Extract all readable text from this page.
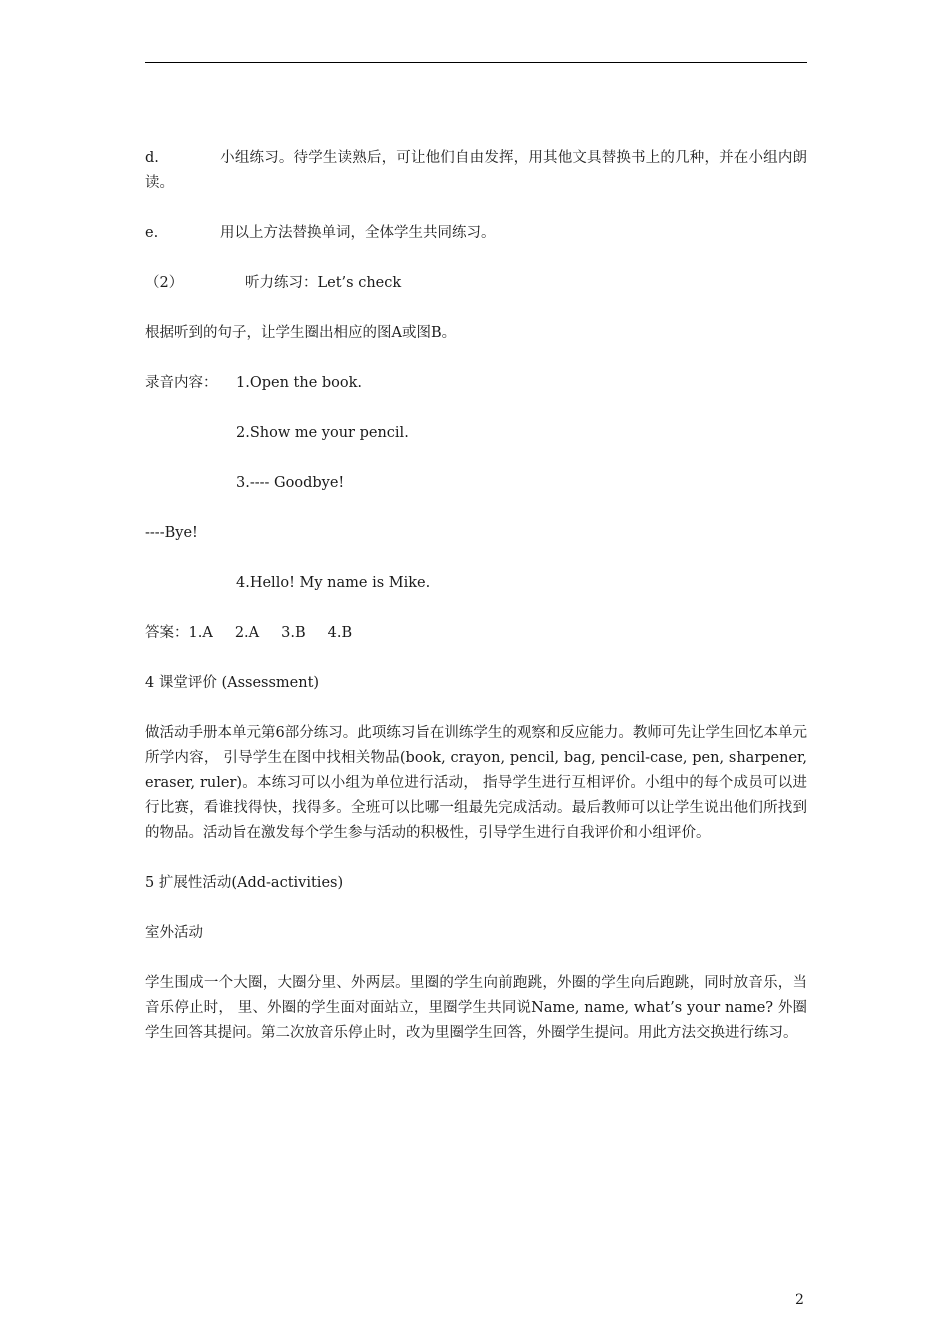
d.	小组练习。待学生读熟后，可让他们自由发挥，用其他文具替换书上的几种，并在小组内朗读。

e.	用以上方法替换单词，全体学生共同练习。

（2）	听力练习：Let’s check

根据听到的句子，让学生圈出相应的图A或图B。

录音内容： 1.Open the book.

2.Show me your pencil.

3.---- Goodbye!

----Bye!

4.Hello! My name is Mike.

答案：1.A 2.A 3.B 4.B

4 课堂评价 (Assessment)

做活动手册本单元第6部分练习。此项练习旨在训练学生的观察和反应能力。教师可先让学生回忆本单元所学内容， 引导学生在图中找相关物品(book, crayon, pencil, bag, pencil-case, pen, sharpener, eraser, ruler)。本练习可以小组为单位进行活动， 指导学生进行互相评价。小组中的每个成员可以进行比赛，看谁找得快，找得多。全班可以比哪一组最先完成活动。最后教师可以让学生说出他们所找到的物品。活动旨在激发每个学生参与活动的积极性，引导学生进行自我评价和小组评价。

5 扩展性活动(Add-activities)

室外活动

学生围成一个大圈，大圈分里、外两层。里圈的学生向前跑跳，外圈的学生向后跑跳，同时放音乐，当音乐停止时， 里、外圈的学生面对面站立，里圈学生共同说Name, name, what’s your name? 外圈学生回答其提问。第二次放音乐停止时，改为里圈学生回答，外圈学生提问。用此方法交换进行练习。

2
